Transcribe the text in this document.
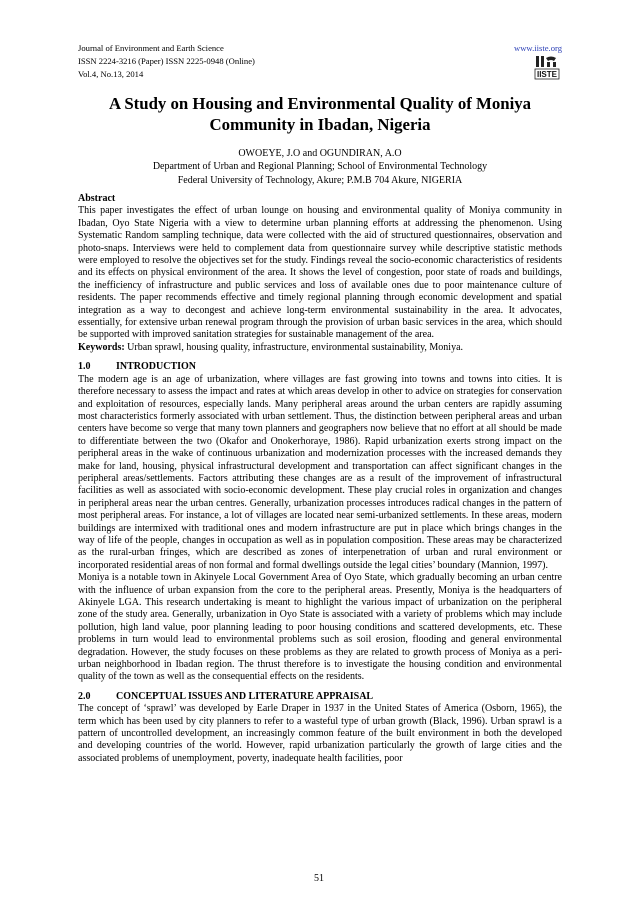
Journal of Environment and Earth Science
ISSN 2224-3216 (Paper) ISSN 2225-0948 (Online)
Vol.4, No.13, 2014
www.iiste.org
IISTE
A Study on Housing and Environmental Quality of Moniya
Community in Ibadan, Nigeria
OWOEYE, J.O and OGUNDIRAN, A.O
Department of Urban and Regional Planning; School of Environmental Technology
Federal University of Technology, Akure; P.M.B 704 Akure, NIGERIA

Abstract

This paper investigates the effect of urban lounge on housing and environmental quality of Moniya community in Ibadan, Oyo State Nigeria with a view to determine urban planning efforts at addressing the phenomenon. Using Systematic Random sampling technique, data were collected with the aid of structured questionnaires, observation and photo-snaps. Interviews were held to complement data from questionnaire survey while descriptive statistic methods were employed to resolve the objectives set for the study. Findings reveal the socio-economic characteristics of residents and its effects on physical environment of the area. It shows the level of congestion, poor state of roads and buildings, the inefficiency of infrastructure and public services and loss of available ones due to poor maintenance culture of residents. The paper recommends effective and timely regional planning through economic development and spatial integration as a way to decongest and achieve long-term environmental sustainability in the area. It advocates, essentially, for extensive urban renewal program through the provision of urban basic services in the area, which should be supported with improved sanitation strategies for sustainable management of the area.

Keywords: Urban sprawl, housing quality, infrastructure, environmental sustainability, Moniya.

1.0	INTRODUCTION

The modern age is an age of urbanization, where villages are fast growing into towns and towns into cities. It is therefore necessary to assess the impact and rates at which areas develop in other to advice on strategies for conservation and exploitation of resources, especially lands. Many peripheral areas around the urban centers are rapidly assuming most characteristics formerly associated with urban settlement. Thus, the distinction between peripheral areas and urban centers have become so verge that many town planners and geographers now believe that no effort at all should be made to differentiate between the two (Okafor and Onokerhoraye, 1986). Rapid urbanization exerts strong impact on the peripheral areas in the wake of continuous urbanization and modernization processes with the increased demands they make for land, housing, physical infrastructural development and transportation can affect significant changes in the peripheral areas/settlements. Factors attributing these changes are as a result of the improvement of infrastructural facilities as well as associated with socio-economic development. These play crucial roles in organization and changes in peripheral areas near the urban centres. Generally, urbanization processes introduces radical changes in the pattern of most peripheral areas. For instance, a lot of villages are located near semi-urbanized settlements. In these areas, modern buildings are intermixed with traditional ones and modern infrastructure are put in place which brings changes in the way of life of the people, changes in occupation as well as in population composition. These areas may be characterized as the rural-urban fringes, which are described as zones of interpenetration of urban and rural environment or incorporated residential areas of non formal and formal dwellings outside the legal cities’ boundary (Mannion, 1997).

Moniya is a notable town in Akinyele Local Government Area of Oyo State, which gradually becoming an urban centre with the influence of urban expansion from the core to the peripheral areas. Presently, Moniya is the headquarters of Akinyele LGA. This research undertaking is meant to highlight the various impact of urbanization on the peripheral zone of the study area. Generally, urbanization in Oyo State is associated with a variety of problems which may include pollution, high land value, poor planning leading to poor housing conditions and scattered developments, etc. These problems in turn would lead to environmental problems such as soil erosion, flooding and general environmental degradation. However, the study focuses on these problems as they are related to growth process of Moniya as a peri-urban neighborhood in Ibadan region. The thrust therefore is to investigate the housing condition and environmental quality of the town as well as the consequential effects on the residents.

2.0	CONCEPTUAL ISSUES AND LITERATURE APPRAISAL

The concept of ‘sprawl’ was developed by Earle Draper in 1937 in the United States of America (Osborn, 1965), the term which has been used by city planners to refer to a wasteful type of urban growth (Black, 1996). Urban sprawl is a pattern of uncontrolled development, an increasingly common feature of the built environment in both the developed and developing countries of the world. However, rapid urbanization particularly the growth of large cities and the associated problems of unemployment, poverty, inadequate health facilities, poor

51
